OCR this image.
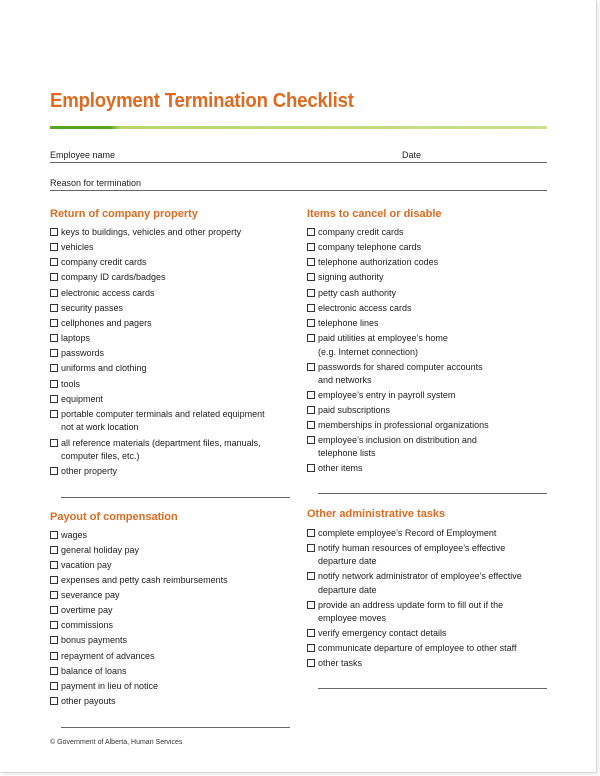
Employment Termination Checklist
Employee name	Date
Reason for termination
Return of company property
keys to buildings, vehicles and other property
vehicles
company credit cards
company ID cards/badges
electronic access cards
security passes
cellphones and pagers
laptops
passwords
uniforms and clothing
tools
equipment
portable computer terminals and related equipment
not at work location
all reference materials (department files, manuals,
computer files, etc.)
other property
Payout of compensation
wages
general holiday pay
vacation pay
expenses and petty cash reimbursements
severance pay
overtime pay
commissions
bonus payments
repayment of advances
balance of loans
payment in lieu of notice
other payouts
Items to cancel or disable
company credit cards
company telephone cards
telephone authorization codes
signing authority
petty cash authority
electronic access cards
telephone lines
paid utilities at employee’s home
(e.g. Internet connection)
passwords for shared computer accounts
and networks
employee’s entry in payroll system
paid subscriptions
memberships in professional organizations
employee’s inclusion on distribution and
telephone lists
other items
Other administrative tasks
complete employee’s Record of Employment
notify human resources of employee’s effective
departure date
notify network administrator of employee’s effective
departure date
provide an address update form to fill out if the
employee moves
verify emergency contact details
communicate departure of employee to other staff
other tasks
© Government of Alberta, Human Services
